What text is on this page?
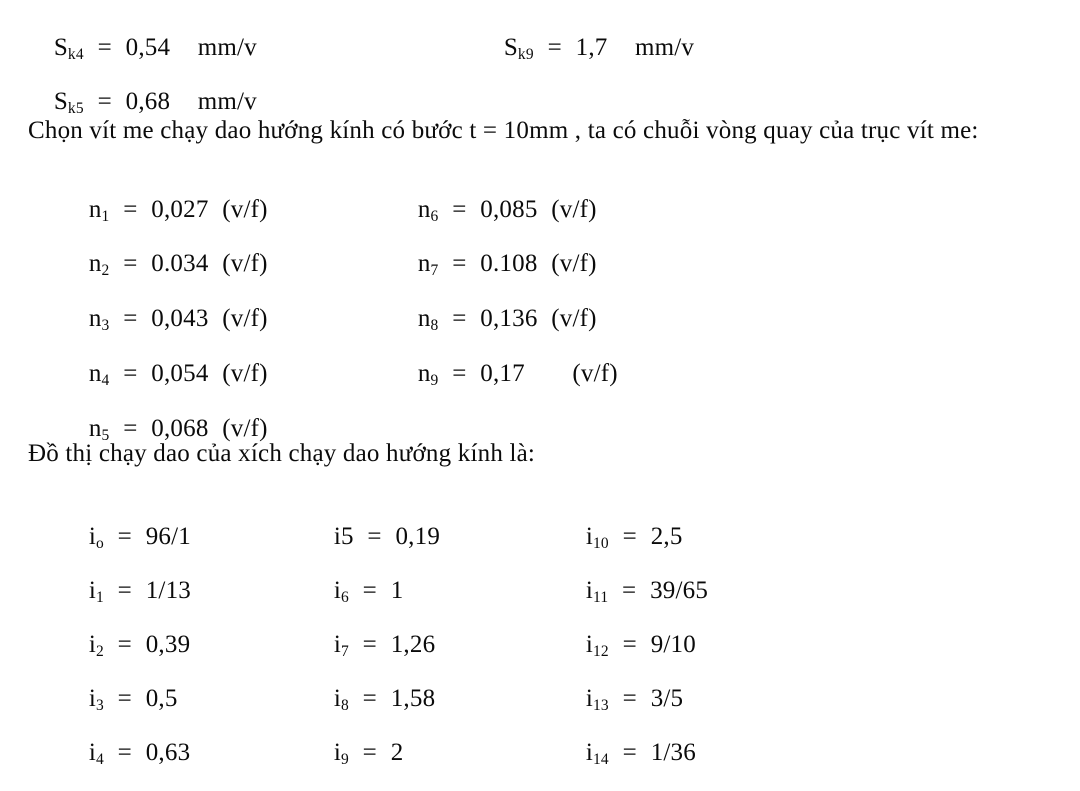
$S_{k4} = 0,54$ mm/v
	$S_{k9} = 1,7$ mm/v

$S_{k5} = 0,68$ mm/v

Chọn vít me chạy dao hướng kính có bước t = 10mm , ta có chuỗi vòng quay của trục vít me:

$n_1 = 0,027$ (v/f)

$n_2 = 0.034$ (v/f)

$n_3 = 0,043$ (v/f)

$n_4 = 0,054$ (v/f)

$n_5 = 0,068$ (v/f)

$n_6 = 0,085$ (v/f)

$n_7 = 0.108$ (v/f)

$n_8 = 0,136$ (v/f)

$n_9 = 0,17$ (v/f)

Đồ thị chạy dao của xích chạy dao hướng kính là:

$i_o = 96/1$

$i_1 = 1/13$

$i_2 = 0,39$

$i_3 = 0,5$

$i_4 = 0,63$

i5 = 0,19

$i_6 = 1$

$i_7 = 1,26$

$i_8 = 1,58$

$i_9 = 2$

$i_{10} = 2,5$

$i_{11} = 39/65$

$i_{12} = 9/10$

$i_{13} = 3/5$

$i_{14} = 1/36$
